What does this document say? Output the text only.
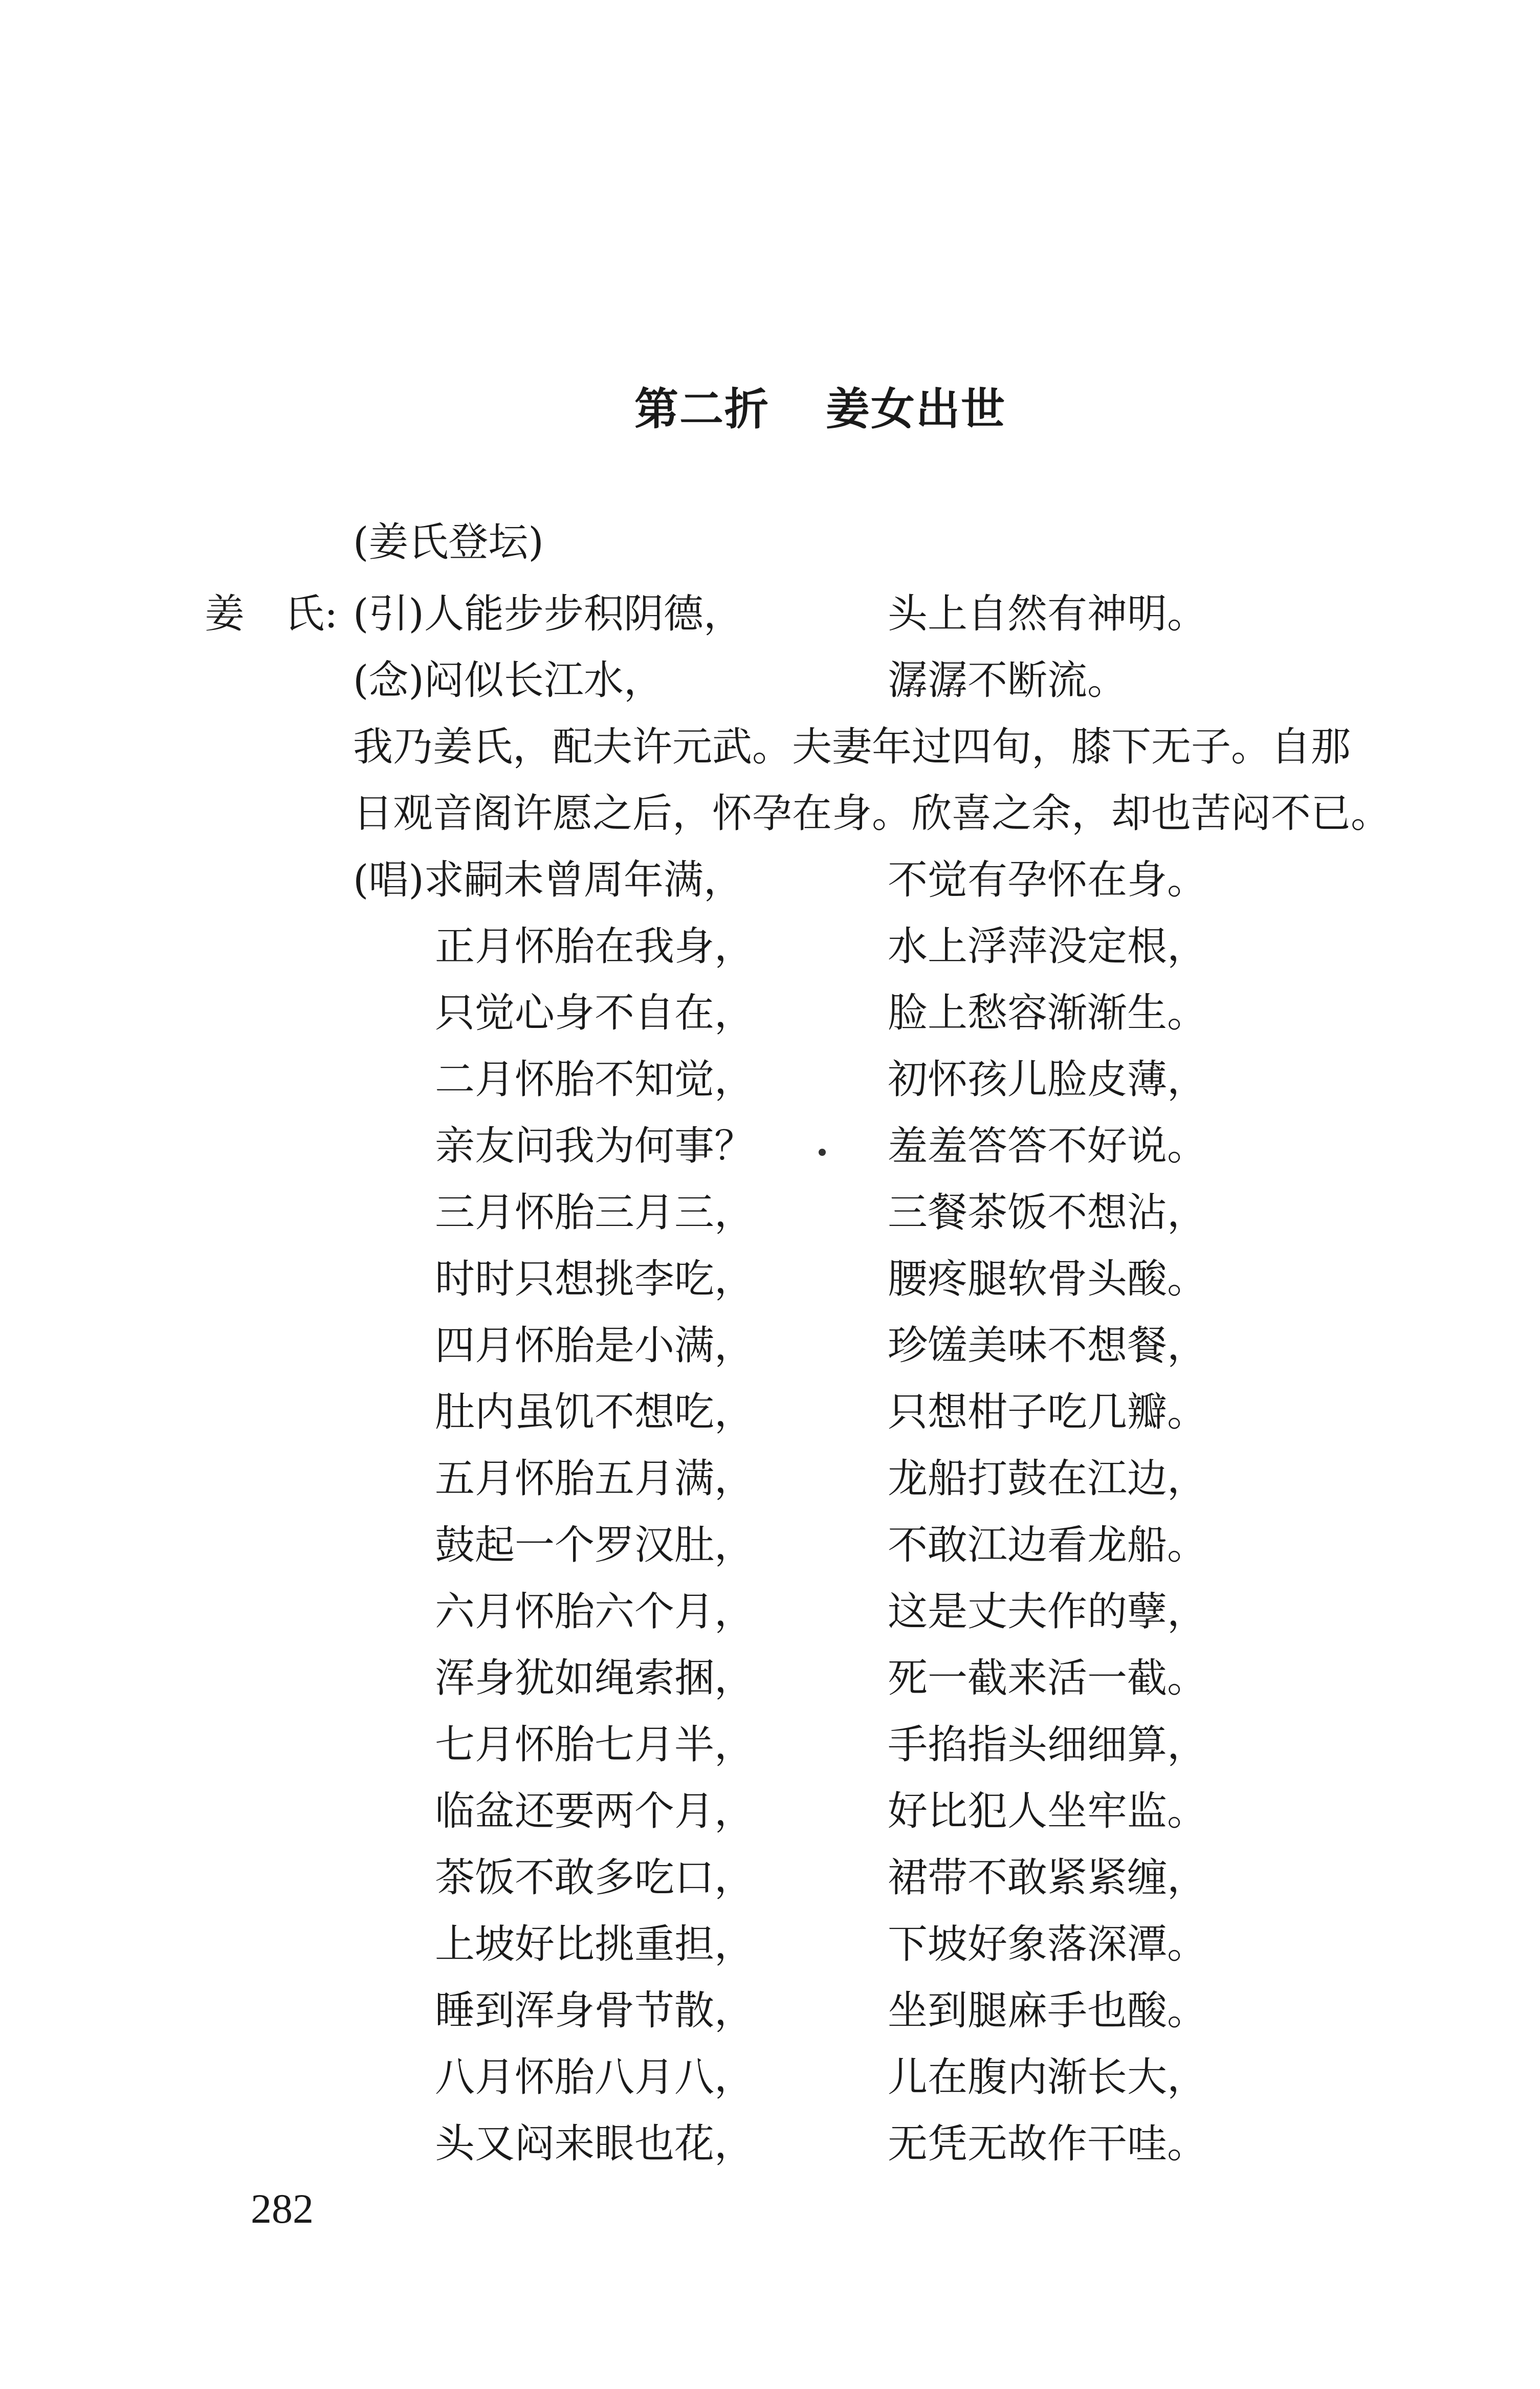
第二折 姜女出世
(姜氏登坛)
姜　氏: (引)人能步步积阴德，	头上自然有神明。
(念)闷似长江水，	潺潺不断流。
我乃姜氏，配夫许元武。夫妻年过四旬，膝下无子。自那
日观音阁许愿之后，怀孕在身。欣喜之余，却也苦闷不已。
(唱)求嗣未曾周年满，	不觉有孕怀在身。
正月怀胎在我身，	水上浮萍没定根，
只觉心身不自在，	脸上愁容渐渐生。
二月怀胎不知觉，	初怀孩儿脸皮薄，
亲友问我为何事？	羞羞答答不好说。
三月怀胎三月三，	三餐茶饭不想沾，
时时只想挑李吃，	腰疼腿软骨头酸。
四月怀胎是小满，	珍馐美味不想餐，
肚内虽饥不想吃，	只想柑子吃几瓣。
五月怀胎五月满，	龙船打鼓在江边，
鼓起一个罗汉肚，	不敢江边看龙船。
六月怀胎六个月，	这是丈夫作的孽，
浑身犹如绳索捆，	死一截来活一截。
七月怀胎七月半，	手掐指头细细算，
临盆还要两个月，	好比犯人坐牢监。
茶饭不敢多吃口，	裙带不敢紧紧缠，
上坡好比挑重担，	下坡好象落深潭。
睡到浑身骨节散，	坐到腿麻手也酸。
八月怀胎八月八，	儿在腹内渐长大，
头又闷来眼也花，	无凭无故作干哇。
282
